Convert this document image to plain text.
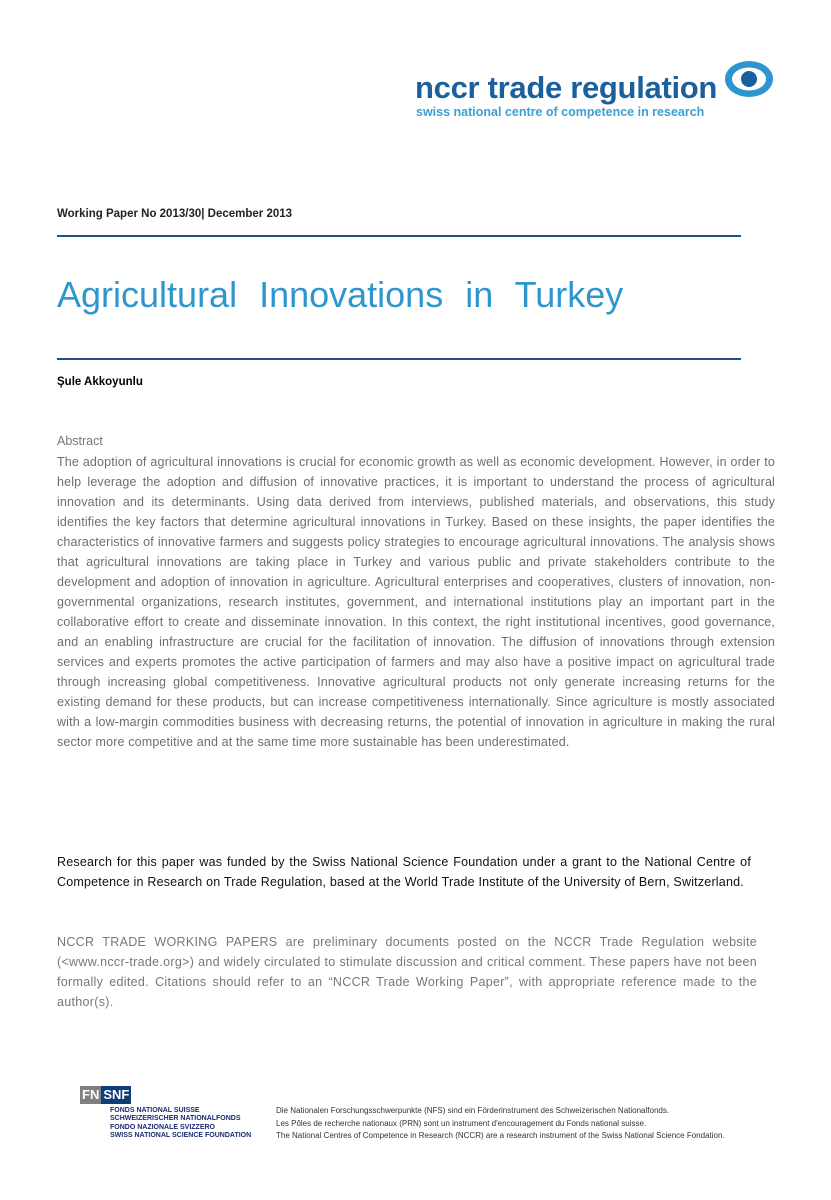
nccr trade regulation
swiss national centre of competence in research
Working Paper No 2013/30| December 2013
Agricultural Innovations in Turkey
Şule Akkoyunlu
Abstract
The adoption of agricultural innovations is crucial for economic growth as well as economic development. However, in order to help leverage the adoption and diffusion of innovative practices, it is important to understand the process of agricultural innovation and its determinants. Using data derived from interviews, published materials, and observations, this study identifies the key factors that determine agricultural innovations in Turkey. Based on these insights, the paper identifies the characteristics of innovative farmers and suggests policy strategies to encourage agricultural innovations. The analysis shows that agricultural innovations are taking place in Turkey and various public and private stakeholders contribute to the development and adoption of innovation in agriculture. Agricultural enterprises and cooperatives, clusters of innovation, non-governmental organizations, research institutes, government, and international institutions play an important part in the collaborative effort to create and disseminate innovation. In this context, the right institutional incentives, good governance, and an enabling infrastructure are crucial for the facilitation of innovation. The diffusion of innovations through extension services and experts promotes the active participation of farmers and may also have a positive impact on agricultural trade through increasing global competitiveness. Innovative agricultural products not only generate increasing returns for the existing demand for these products, but can increase competitiveness internationally. Since agriculture is mostly associated with a low-margin commodities business with decreasing returns, the potential of innovation in agriculture in making the rural sector more competitive and at the same time more sustainable has been underestimated.
Research for this paper was funded by the Swiss National Science Foundation under a grant to the National Centre of Competence in Research on Trade Regulation, based at the World Trade Institute of the University of Bern, Switzerland.
NCCR TRADE WORKING PAPERS are preliminary documents posted on the NCCR Trade Regulation website (<www.nccr-trade.org>) and widely circulated to stimulate discussion and critical comment. These papers have not been formally edited. Citations should refer to an “NCCR Trade Working Paper”, with appropriate reference made to the author(s).
FN SNF
FONDS NATIONAL SUISSE
SCHWEIZERISCHER NATIONALFONDS
FONDO NAZIONALE SVIZZERO
SWISS NATIONAL SCIENCE FOUNDATION
Die Nationalen Forschungsschwerpunkte (NFS) sind ein Förderinstrument des Schweizerischen Nationalfonds.
Les Pôles de recherche nationaux (PRN) sont un instrument d'encouragement du Fonds national suisse.
The National Centres of Competence in Research (NCCR) are a research instrument of the Swiss National Science Fondation.
